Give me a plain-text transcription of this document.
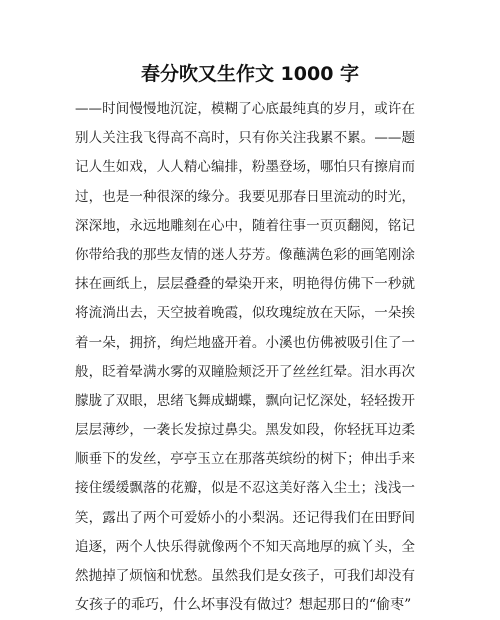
春分吹又生作文 1000 字
——时间慢慢地沉淀，模糊了心底最纯真的岁月，或许在
别人关注我飞得高不高时，只有你关注我累不累。——题
记人生如戏，人人精心编排，粉墨登场，哪怕只有擦肩而
过，也是一种很深的缘分。我要见那春日里流动的时光，
深深地，永远地雕刻在心中，随着往事一页页翻阅，铭记
你带给我的那些友情的迷人芬芳。像蘸满色彩的画笔刚涂
抹在画纸上，层层叠叠的晕染开来，明艳得仿佛下一秒就
将流淌出去，天空披着晚霞，似玫瑰绽放在天际，一朵挨
着一朵，拥挤，绚烂地盛开着。小溪也仿佛被吸引住了一
般，眨着晕满水雾的双瞳脸颊泛开了丝丝红晕。泪水再次
朦胧了双眼，思绪飞舞成蝴蝶，飘向记忆深处，轻轻拨开
层层薄纱，一袭长发掠过鼻尖。黑发如段，你轻抚耳边柔
顺垂下的发丝，亭亭玉立在那落英缤纷的树下；伸出手来
接住缓缓飘落的花瓣，似是不忍这美好落入尘土；浅浅一
笑，露出了两个可爱娇小的小梨涡。还记得我们在田野间
追逐，两个人快乐得就像两个不知天高地厚的疯丫头，全
然抛掉了烦恼和忧愁。虽然我们是女孩子，可我们却没有
女孩子的乖巧，什么坏事没有做过？想起那日的“偷枣”
